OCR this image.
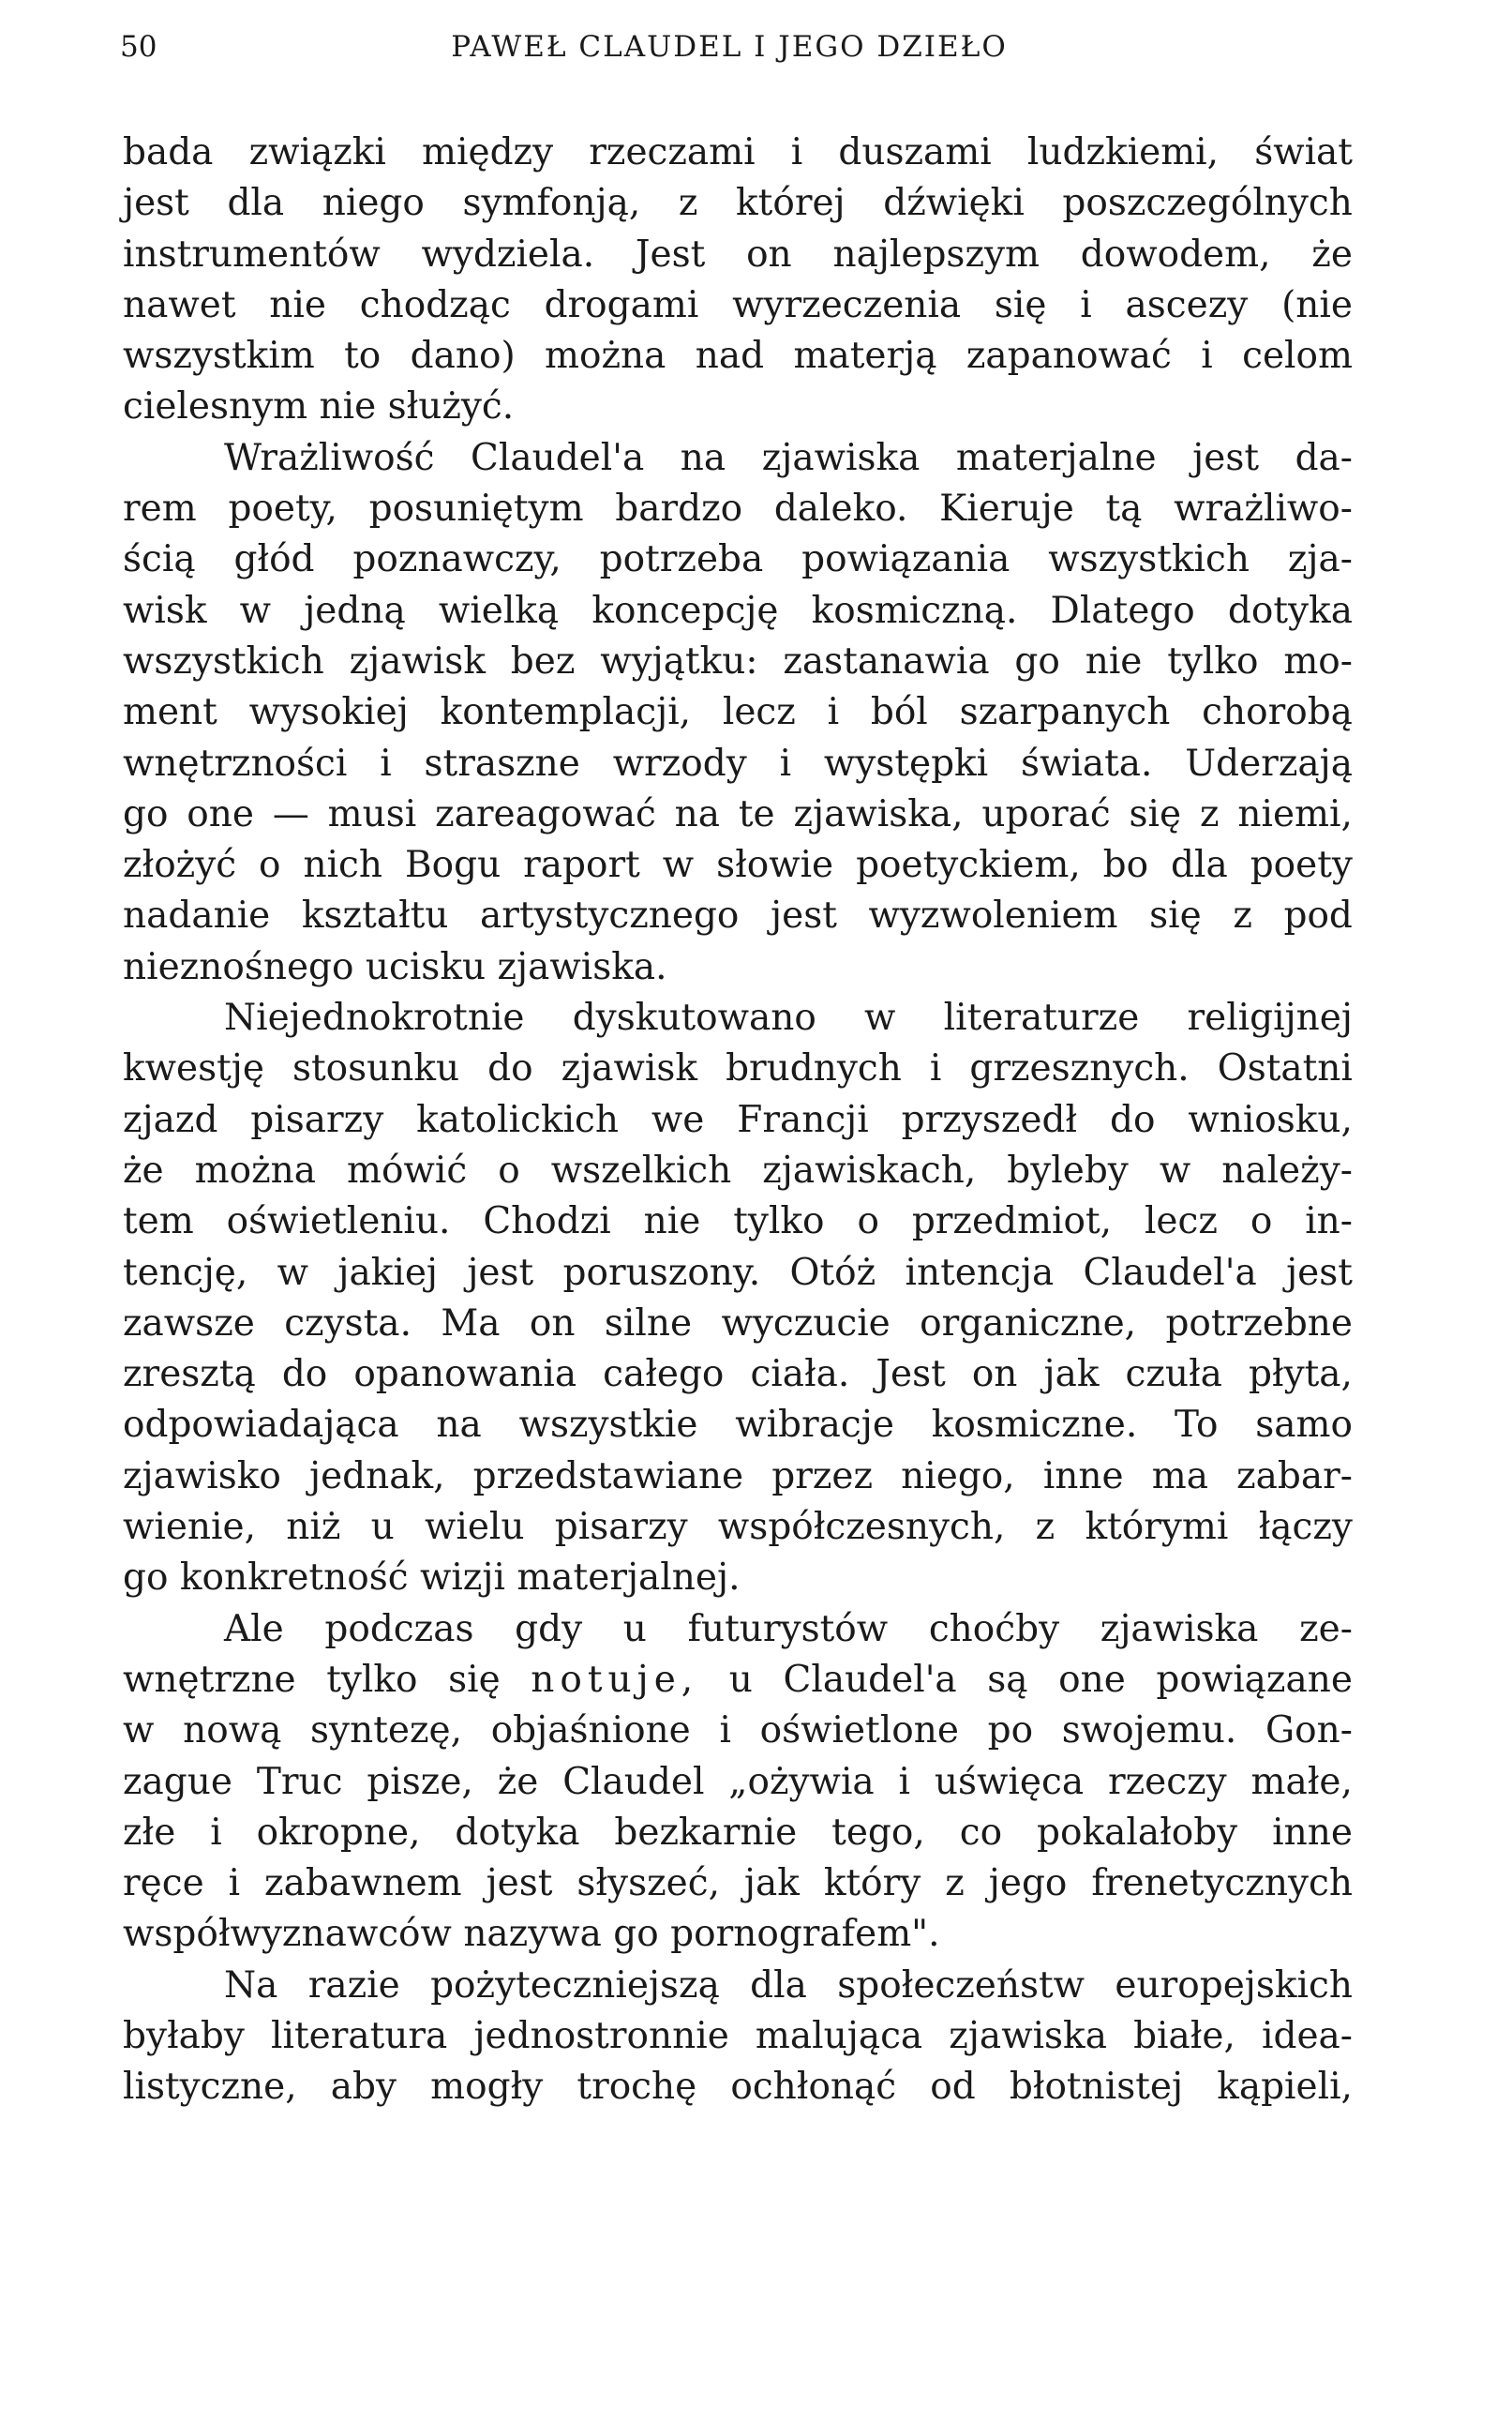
50	PAWEŁ CLAUDEL I JEGO DZIEŁO
bada związki między rzeczami i duszami ludzkiemi, świat
jest dla niego symfonją, z której dźwięki poszczególnych
instrumentów wydziela. Jest on najlepszym dowodem, że
nawet nie chodząc drogami wyrzeczenia się i ascezy (nie
wszystkim to dano) można nad materją zapanować i celom
cielesnym nie służyć.
Wrażliwość Claudel'a na zjawiska materjalne jest da-
rem poety, posuniętym bardzo daleko. Kieruje tą wrażliwo-
ścią głód poznawczy, potrzeba powiązania wszystkich zja-
wisk w jedną wielką koncepcję kosmiczną. Dlatego dotyka
wszystkich zjawisk bez wyjątku: zastanawia go nie tylko mo-
ment wysokiej kontemplacji, lecz i ból szarpanych chorobą
wnętrzności i straszne wrzody i występki świata. Uderzają
go one — musi zareagować na te zjawiska, uporać się z niemi,
złożyć o nich Bogu raport w słowie poetyckiem, bo dla poety
nadanie kształtu artystycznego jest wyzwoleniem się z pod
nieznośnego ucisku zjawiska.
Niejednokrotnie dyskutowano w literaturze religijnej
kwestję stosunku do zjawisk brudnych i grzesznych. Ostatni
zjazd pisarzy katolickich we Francji przyszedł do wniosku,
że można mówić o wszelkich zjawiskach, byleby w należy-
tem oświetleniu. Chodzi nie tylko o przedmiot, lecz o in-
tencję, w jakiej jest poruszony. Otóż intencja Claudel'a jest
zawsze czysta. Ma on silne wyczucie organiczne, potrzebne
zresztą do opanowania całego ciała. Jest on jak czuła płyta,
odpowiadająca na wszystkie wibracje kosmiczne. To samo
zjawisko jednak, przedstawiane przez niego, inne ma zabar-
wienie, niż u wielu pisarzy współczesnych, z którymi łączy
go konkretność wizji materjalnej.
Ale podczas gdy u futurystów choćby zjawiska ze-
wnętrzne tylko się notuje, u Claudel'a są one powiązane
w nową syntezę, objaśnione i oświetlone po swojemu. Gon-
zague Truc pisze, że Claudel „ożywia i uświęca rzeczy małe,
złe i okropne, dotyka bezkarnie tego, co pokalałoby inne
ręce i zabawnem jest słyszeć, jak który z jego frenetycznych
współwyznawców nazywa go pornografem".
Na razie pożyteczniejszą dla społeczeństw europejskich
byłaby literatura jednostronnie malująca zjawiska białe, idea-
listyczne, aby mogły trochę ochłonąć od błotnistej kąpieli,
